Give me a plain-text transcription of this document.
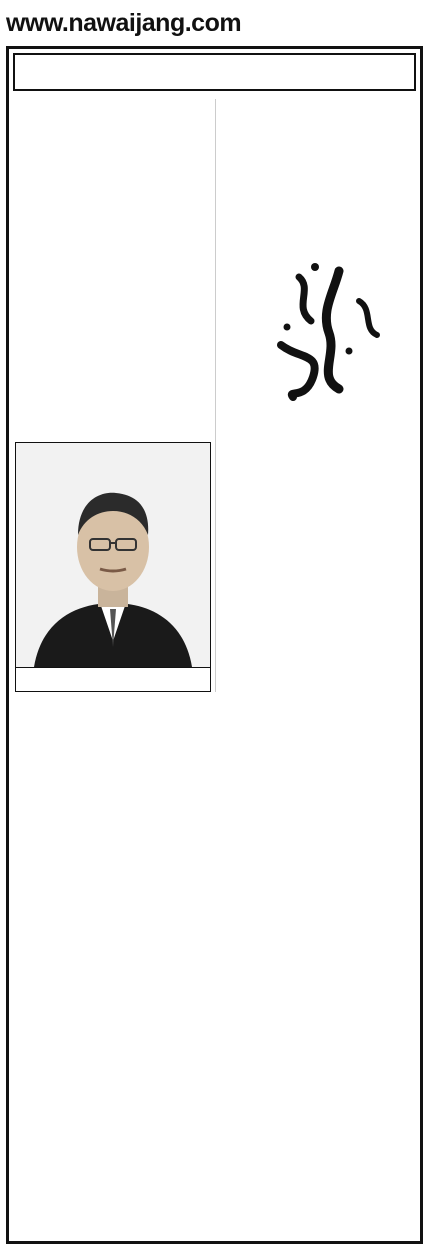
www.nawaijang.com
